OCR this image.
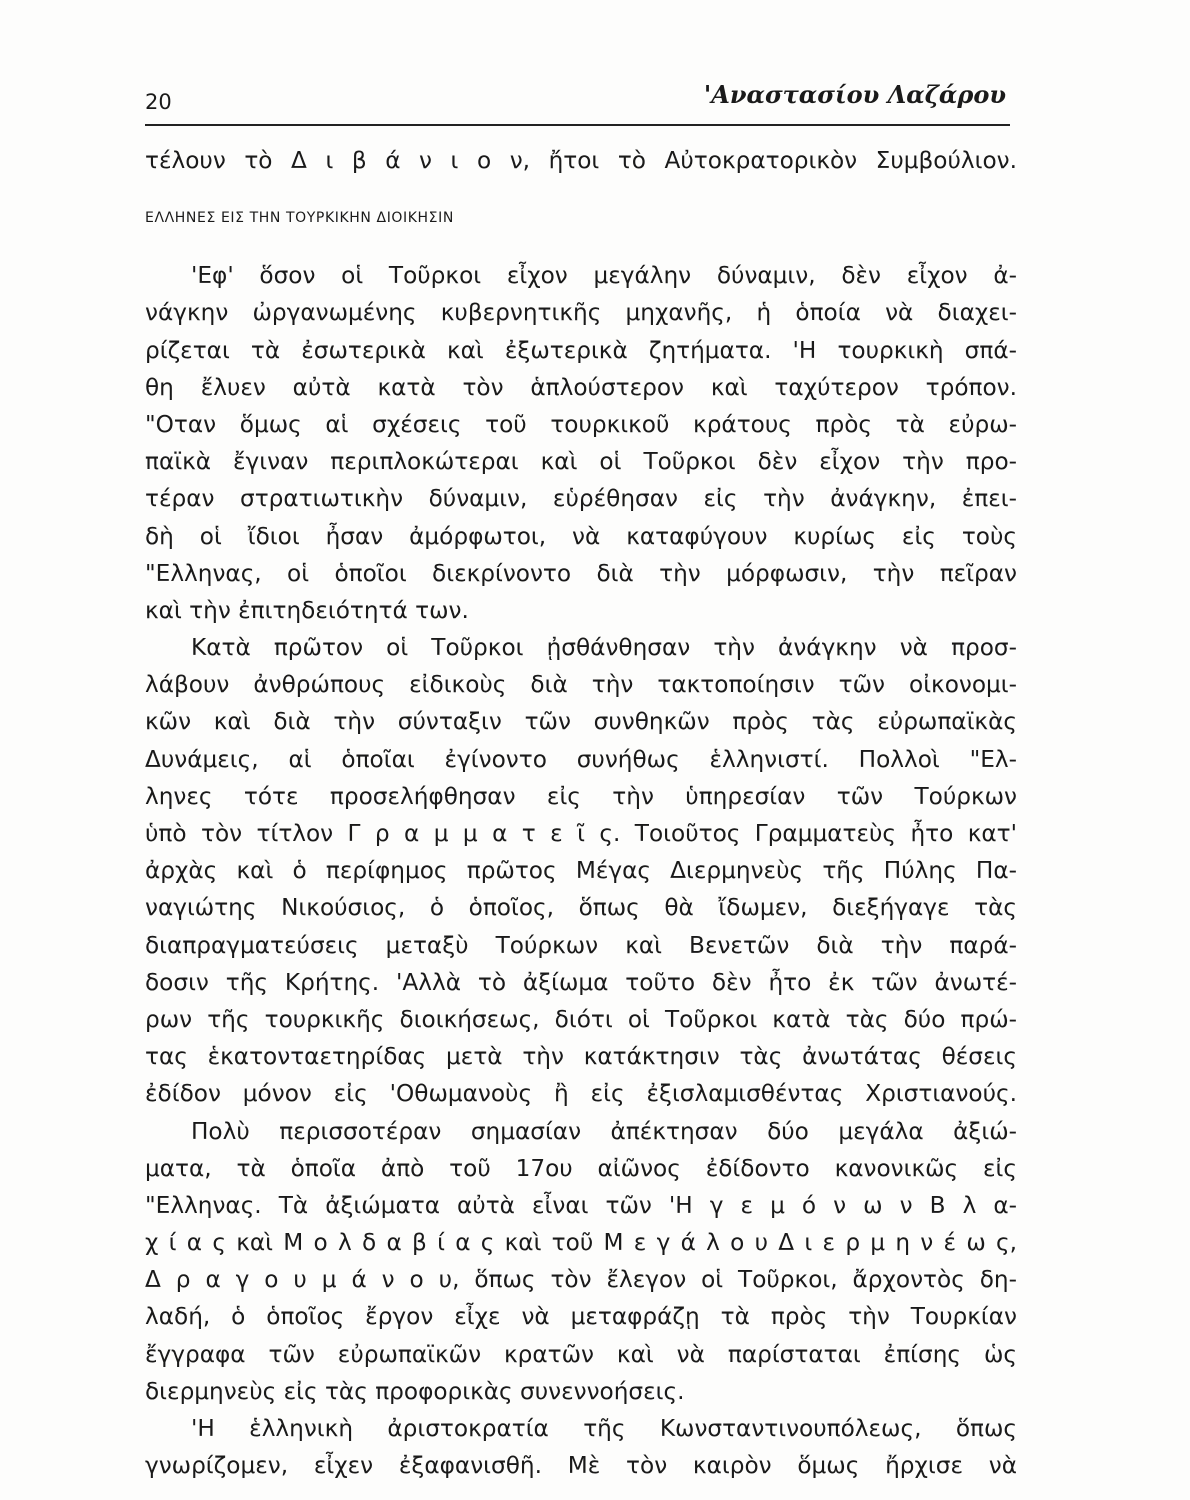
20	'Αναστασίου Λαζάρου
τέλουν τὸ Δ ι β ά ν ι ο ν, ἤτοι τὸ Αὐτοκρατορικὸν Συμβούλιον.
ΕΛΛΗΝΕΣ ΕΙΣ ΤΗΝ ΤΟΥΡΚΙΚΗΝ ΔΙΟΙΚΗΣΙΝ
'Εφ' ὅσον οἱ Τοῦρκοι εἶχον μεγάλην δύναμιν, δὲν εἶχον ἀ-
νάγκην ὠργανωμένης κυβερνητικῆς μηχανῆς, ἡ ὁποία νὰ διαχει-
ρίζεται τὰ ἐσωτερικὰ καὶ ἐξωτερικὰ ζητήματα. 'Η τουρκικὴ σπά-
θη ἔλυεν αὐτὰ κατὰ τὸν ἁπλούστερον καὶ ταχύτερον τρόπον.
"Οταν ὅμως αἱ σχέσεις τοῦ τουρκικοῦ κράτους πρὸς τὰ εὐρω-
παϊκὰ ἔγιναν περιπλοκώτεραι καὶ οἱ Τοῦρκοι δὲν εἶχον τὴν προ-
τέραν στρατιωτικὴν δύναμιν, εὑρέθησαν εἰς τὴν ἀνάγκην, ἐπει-
δὴ οἱ ἴδιοι ἦσαν ἀμόρφωτοι, νὰ καταφύγουν κυρίως εἰς τοὺς
"Ελληνας, οἱ ὁποῖοι διεκρίνοντο διὰ τὴν μόρφωσιν, τὴν πεῖραν
καὶ τὴν ἐπιτηδειότητά των.
Κατὰ πρῶτον οἱ Τοῦρκοι ᾐσθάνθησαν τὴν ἀνάγκην νὰ προσ-
λάβουν ἀνθρώπους εἰδικοὺς διὰ τὴν τακτοποίησιν τῶν οἰκονομι-
κῶν καὶ διὰ τὴν σύνταξιν τῶν συνθηκῶν πρὸς τὰς εὐρωπαϊκὰς
Δυνάμεις, αἱ ὁποῖαι ἐγίνοντο συνήθως ἑλληνιστί. Πολλοὶ "Ελ-
ληνες τότε προσελήφθησαν εἰς τὴν ὑπηρεσίαν τῶν Τούρκων
ὑπὸ τὸν τίτλον Γ ρ α μ μ α τ ε ῖ ς. Τοιοῦτος Γραμματεὺς ἦτο κατ'
ἀρχὰς καὶ ὁ περίφημος πρῶτος Μέγας Διερμηνεὺς τῆς Πύλης Πα-
ναγιώτης Νικούσιος, ὁ ὁποῖος, ὅπως θὰ ἴδωμεν, διεξήγαγε τὰς
διαπραγματεύσεις μεταξὺ Τούρκων καὶ Βενετῶν διὰ τὴν παρά-
δοσιν τῆς Κρήτης. 'Αλλὰ τὸ ἀξίωμα τοῦτο δὲν ἦτο ἐκ τῶν ἀνωτέ-
ρων τῆς τουρκικῆς διοικήσεως, διότι οἱ Τοῦρκοι κατὰ τὰς δύο πρώ-
τας ἑκατονταετηρίδας μετὰ τὴν κατάκτησιν τὰς ἀνωτάτας θέσεις
ἐδίδον μόνον εἰς 'Οθωμανοὺς ἢ εἰς ἐξισλαμισθέντας Χριστιανούς.
Πολὺ περισσοτέραν σημασίαν ἀπέκτησαν δύο μεγάλα ἀξιώ-
ματα, τὰ ὁποῖα ἀπὸ τοῦ 17ου αἰῶνος ἐδίδοντο κανονικῶς εἰς
"Ελληνας. Τὰ ἀξιώματα αὐτὰ εἶναι τῶν 'Η γ ε μ ό ν ω ν Β λ α-
χ ί α ς καὶ Μ ο λ δ α β ί α ς καὶ τοῦ Μ ε γ ά λ ο υ Δ ι ε ρ μ η ν έ ω ς,
Δ ρ α γ ο υ μ ά ν ο υ, ὅπως τὸν ἔλεγον οἱ Τοῦρκοι, ἄρχοντὸς δη-
λαδή, ὁ ὁποῖος ἔργον εἶχε νὰ μεταφράζῃ τὰ πρὸς τὴν Τουρκίαν
ἔγγραφα τῶν εὐρωπαϊκῶν κρατῶν καὶ νὰ παρίσταται ἐπίσης ὡς
διερμηνεὺς εἰς τὰς προφορικὰς συνεννοήσεις.
'Η ἑλληνικὴ ἀριστοκρατία τῆς Κωνσταντινουπόλεως, ὅπως
γνωρίζομεν, εἶχεν ἐξαφανισθῆ. Μὲ τὸν καιρὸν ὅμως ἤρχισε νὰ
